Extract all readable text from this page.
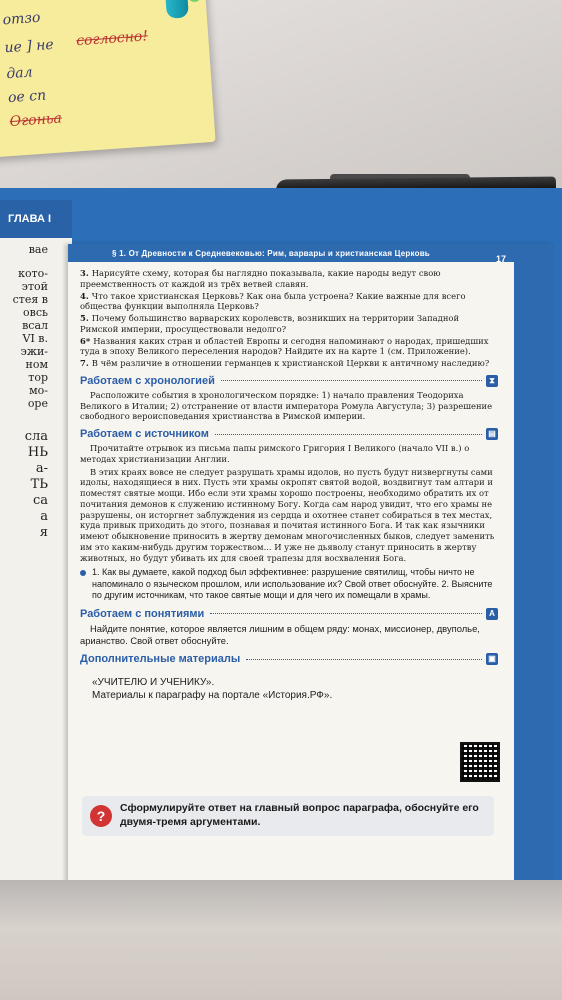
отзо
ие ] не соглосно!
дал
ое сп
Огоньа
ГЛАВА I
вае
кото-
этой
стея в
овсь
всал
VI в.
эжи-
ном
тор
мо-
оре
сла
НЬ
а-
ТЬ
са
а
я
§ 1. От Древности к Средневековью: Рим, варвары и христианская Церковь
17
3. Нарисуйте схему, которая бы наглядно показывала, какие народы ведут свою преемственность от каждой из трёх ветвей славян.
4. Что такое христианская Церковь? Как она была устроена? Какие важные для всего общества функции выполняла Церковь?
5. Почему большинство варварских королевств, возникших на территории Западной Римской империи, просуществовали недолго?
6* Названия каких стран и областей Европы и сегодня напоминают о народах, пришедших туда в эпоху Великого переселения народов? Найдите их на карте 1 (см. Приложение).
7. В чём различие в отношении германцев к христианской Церкви к античному наследию?
Работаем с хронологией	⧗
Расположите события в хронологическом порядке: 1) начало правления Теодориха Великого в Италии; 2) отстранение от власти императора Ромула Августула; 3) разрешение свободного вероисповедания христианства в Римской империи.
Работаем с источником	▤
Прочитайте отрывок из письма папы римского Григория I Великого (начало VII в.) о методах христианизации Англии.
В этих краях вовсе не следует разрушать храмы идолов, но пусть будут низвергнуты сами идолы, находящиеся в них. Пусть эти храмы окропят святой водой, воздвигнут там алтари и поместят святые мощи. Ибо если эти храмы хорошо построены, необходимо обратить их от почитания демонов к служению истинному Богу. Когда сам народ увидит, что его храмы не разрушены, он исторгнет заблуждения из сердца и охотнее станет собираться в тех местах, куда привык приходить до этого, познавая и почитая истинного Бога. И так как язычники имеют обыкновение приносить в жертву демонам многочисленных быков, следует заменить им это каким-нибудь другим торжеством... И уже не дьяволу станут приносить в жертву животных, но будут убивать их для своей трапезы для восхваления Бога.
1. Как вы думаете, какой подход был эффективнее: разрушение святилищ, чтобы ничто не напоминало о языческом прошлом, или использование их? Свой ответ обоснуйте. 2. Выясните по другим источникам, что такое святые мощи и для чего их помещали в храмы.
Работаем с понятиями	A
Найдите понятие, которое является лишним в общем ряду: монах, миссионер, двуполье, арианство. Свой ответ обоснуйте.
Дополнительные материалы	▣
«УЧИТЕЛЮ И УЧЕНИКУ».
Материалы к параграфу на портале «История.РФ».
?	Сформулируйте ответ на главный вопрос параграфа, обоснуйте его двумя-тремя аргументами.
